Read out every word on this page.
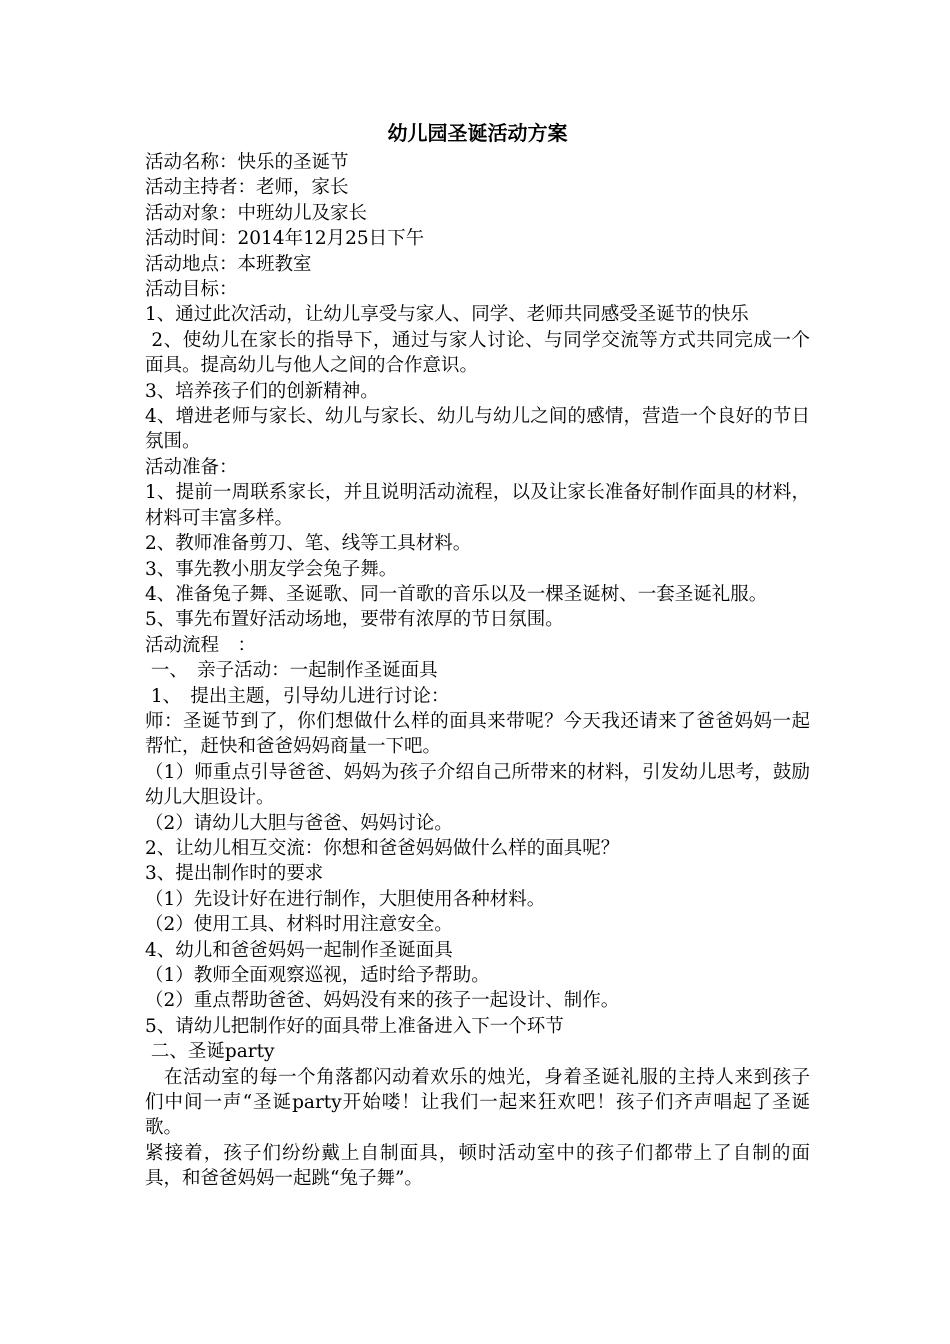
幼儿园圣诞活动方案

活动名称：快乐的圣诞节

活动主持者：老师，家长

活动对象：中班幼儿及家长

活动时间：2014年12月25日下午

活动地点：本班教室

活动目标：

1、通过此次活动，让幼儿享受与家人、同学、老师共同感受圣诞节的快乐

2、使幼儿在家长的指导下，通过与家人讨论、与同学交流等方式共同完成一个面具。提高幼儿与他人之间的合作意识。

3、培养孩子们的创新精神。

4、增进老师与家长、幼儿与家长、幼儿与幼儿之间的感情，营造一个良好的节日氛围。

活动准备：

1、提前一周联系家长，并且说明活动流程，以及让家长准备好制作面具的材料，材料可丰富多样。

2、教师准备剪刀、笔、线等工具材料。

3、事先教小朋友学会兔子舞。

4、准备兔子舞、圣诞歌、同一首歌的音乐以及一棵圣诞树、一套圣诞礼服。

5、事先布置好活动场地，要带有浓厚的节日氛围。

活动流程　：

一、　亲子活动：一起制作圣诞面具

1、　提出主题，引导幼儿进行讨论：

师：圣诞节到了，你们想做什么样的面具来带呢？今天我还请来了爸爸妈妈一起帮忙，赶快和爸爸妈妈商量一下吧。

（1）师重点引导爸爸、妈妈为孩子介绍自己所带来的材料，引发幼儿思考，鼓励幼儿大胆设计。

（2）请幼儿大胆与爸爸、妈妈讨论。

2、让幼儿相互交流：你想和爸爸妈妈做什么样的面具呢？

3、提出制作时的要求

（1）先设计好在进行制作，大胆使用各种材料。

（2）使用工具、材料时用注意安全。

4、幼儿和爸爸妈妈一起制作圣诞面具

（1）教师全面观察巡视，适时给予帮助。

（2）重点帮助爸爸、妈妈没有来的孩子一起设计、制作。

5、请幼儿把制作好的面具带上准备进入下一个环节

二、圣诞party

　在活动室的每一个角落都闪动着欢乐的烛光，身着圣诞礼服的主持人来到孩子们中间一声“圣诞party开始喽！让我们一起来狂欢吧！孩子们齐声唱起了圣诞歌。

紧接着，孩子们纷纷戴上自制面具，顿时活动室中的孩子们都带上了自制的面具，和爸爸妈妈一起跳“兔子舞”。
